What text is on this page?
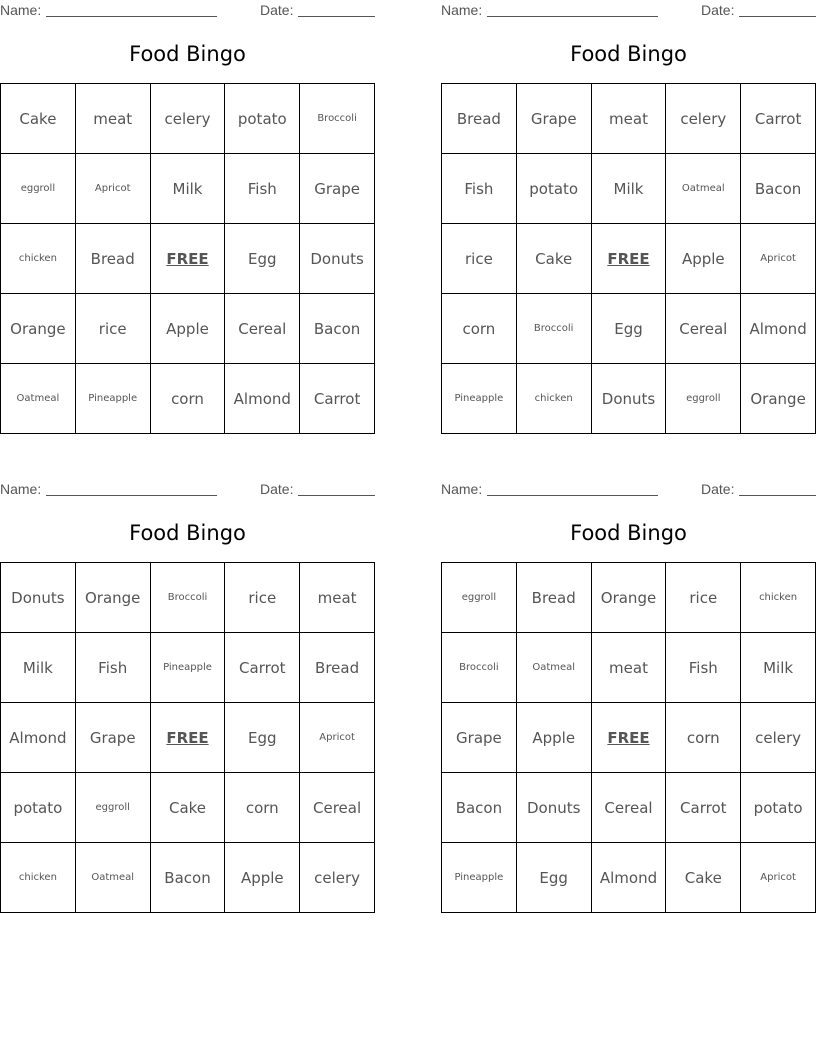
Name:	Date:
Food Bingo
Cake	meat	celery	potato	Broccoli
eggroll	Apricot	Milk	Fish	Grape
chicken	Bread	FREE	Egg	Donuts
Orange	rice	Apple	Cereal	Bacon
Oatmeal	Pineapple	corn	Almond	Carrot
Name:	Date:
Food Bingo
Bread	Grape	meat	celery	Carrot
Fish	potato	Milk	Oatmeal	Bacon
rice	Cake	FREE	Apple	Apricot
corn	Broccoli	Egg	Cereal	Almond
Pineapple	chicken	Donuts	eggroll	Orange
Name:	Date:
Food Bingo
Donuts	Orange	Broccoli	rice	meat
Milk	Fish	Pineapple	Carrot	Bread
Almond	Grape	FREE	Egg	Apricot
potato	eggroll	Cake	corn	Cereal
chicken	Oatmeal	Bacon	Apple	celery
Name:	Date:
Food Bingo
eggroll	Bread	Orange	rice	chicken
Broccoli	Oatmeal	meat	Fish	Milk
Grape	Apple	FREE	corn	celery
Bacon	Donuts	Cereal	Carrot	potato
Pineapple	Egg	Almond	Cake	Apricot
